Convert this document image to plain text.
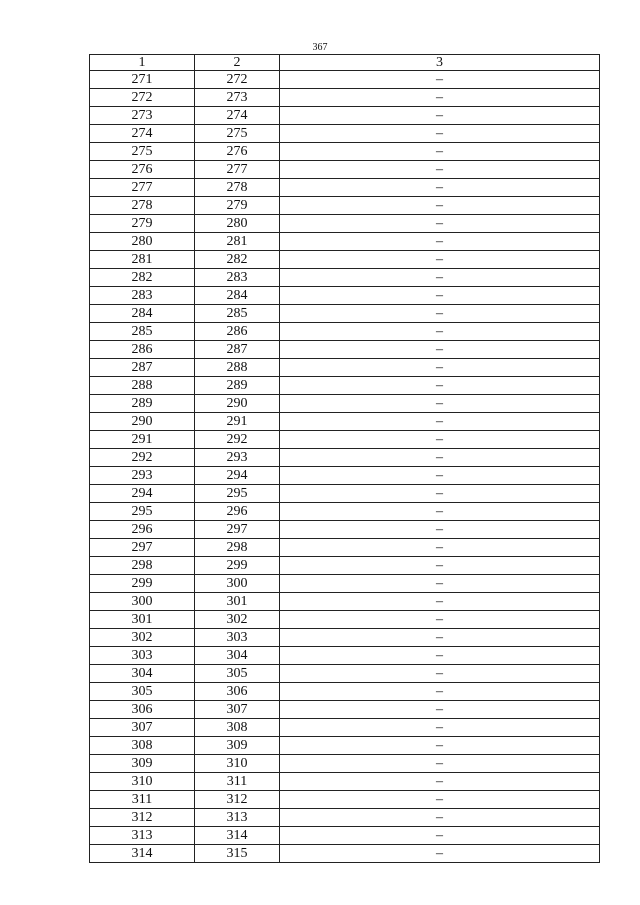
367
1	2	3
271	272	–
272	273	–
273	274	–
274	275	–
275	276	–
276	277	–
277	278	–
278	279	–
279	280	–
280	281	–
281	282	–
282	283	–
283	284	–
284	285	–
285	286	–
286	287	–
287	288	–
288	289	–
289	290	–
290	291	–
291	292	–
292	293	–
293	294	–
294	295	–
295	296	–
296	297	–
297	298	–
298	299	–
299	300	–
300	301	–
301	302	–
302	303	–
303	304	–
304	305	–
305	306	–
306	307	–
307	308	–
308	309	–
309	310	–
310	311	–
311	312	–
312	313	–
313	314	–
314	315	–
